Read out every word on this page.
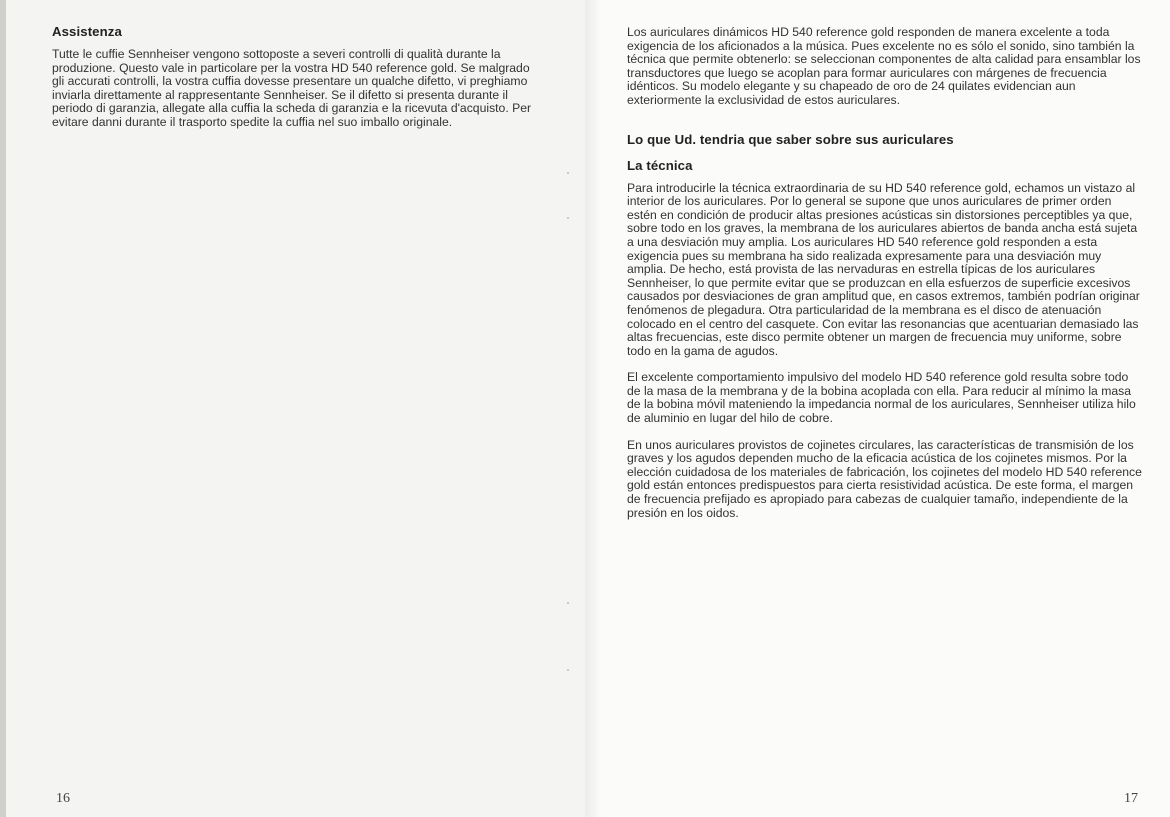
Assistenza

Tutte le cuffie Sennheiser vengono sottoposte a severi controlli di qualità durante la produzione. Questo vale in particolare per la vostra HD 540 reference gold. Se malgrado gli accurati controlli, la vostra cuffia dovesse presentare un qualche difetto, vi preghiamo inviarla direttamente al rappresentante Sennheiser. Se il difetto si presenta durante il periodo di garanzia, allegate alla cuffia la scheda di garanzia e la ricevuta d'acquisto. Per evitare danni durante il trasporto spedite la cuffia nel suo imballo originale.

16

Los auriculares dinámicos HD 540 reference gold responden de manera excelente a toda exigencia de los aficionados a la música. Pues excelente no es sólo el sonido, sino también la técnica que permite obtenerlo: se seleccionan componentes de alta calidad para ensamblar los transductores que luego se acoplan para formar auriculares con márgenes de frecuencia idénticos. Su modelo elegante y su chapeado de oro de 24 quilates evidencian aun exteriormente la exclusividad de estos auriculares.

Lo que Ud. tendria que saber sobre sus auriculares
La técnica

Para introducirle la técnica extraordinaria de su HD 540 reference gold, echamos un vistazo al interior de los auriculares. Por lo general se supone que unos auriculares de primer orden estén en condición de producir altas presiones acústicas sin distorsiones perceptibles ya que, sobre todo en los graves, la membrana de los auriculares abiertos de banda ancha está sujeta a una desviación muy amplia. Los auriculares HD 540 reference gold responden a esta exigencia pues su membrana ha sido realizada expresamente para una desviación muy amplia. De hecho, está provista de las nervaduras en estrella típicas de los auriculares Sennheiser, lo que permite evitar que se produzcan en ella esfuerzos de superficie excesivos causados por desviaciones de gran amplitud que, en casos extremos, también podrían originar fenómenos de plegadura. Otra particularidad de la membrana es el disco de atenuación colocado en el centro del casquete. Con evitar las resonancias que acentuarian demasiado las altas frecuencias, este disco permite obtener un margen de frecuencia muy uniforme, sobre todo en la gama de agudos.

El excelente comportamiento impulsivo del modelo HD 540 reference gold resulta sobre todo de la masa de la membrana y de la bobina acoplada con ella. Para reducir al mínimo la masa de la bobina móvil mateniendo la impedancia normal de los auriculares, Sennheiser utiliza hilo de aluminio en lugar del hilo de cobre.

En unos auriculares provistos de cojinetes circulares, las características de transmisión de los graves y los agudos dependen mucho de la eficacia acústica de los cojinetes mismos. Por la elección cuidadosa de los materiales de fabricación, los cojinetes del modelo HD 540 reference gold están entonces predispuestos para cierta resistividad acústica. De este forma, el margen de frecuencia prefijado es apropiado para cabezas de cualquier tamaño, independiente de la presión en los oidos.

17
